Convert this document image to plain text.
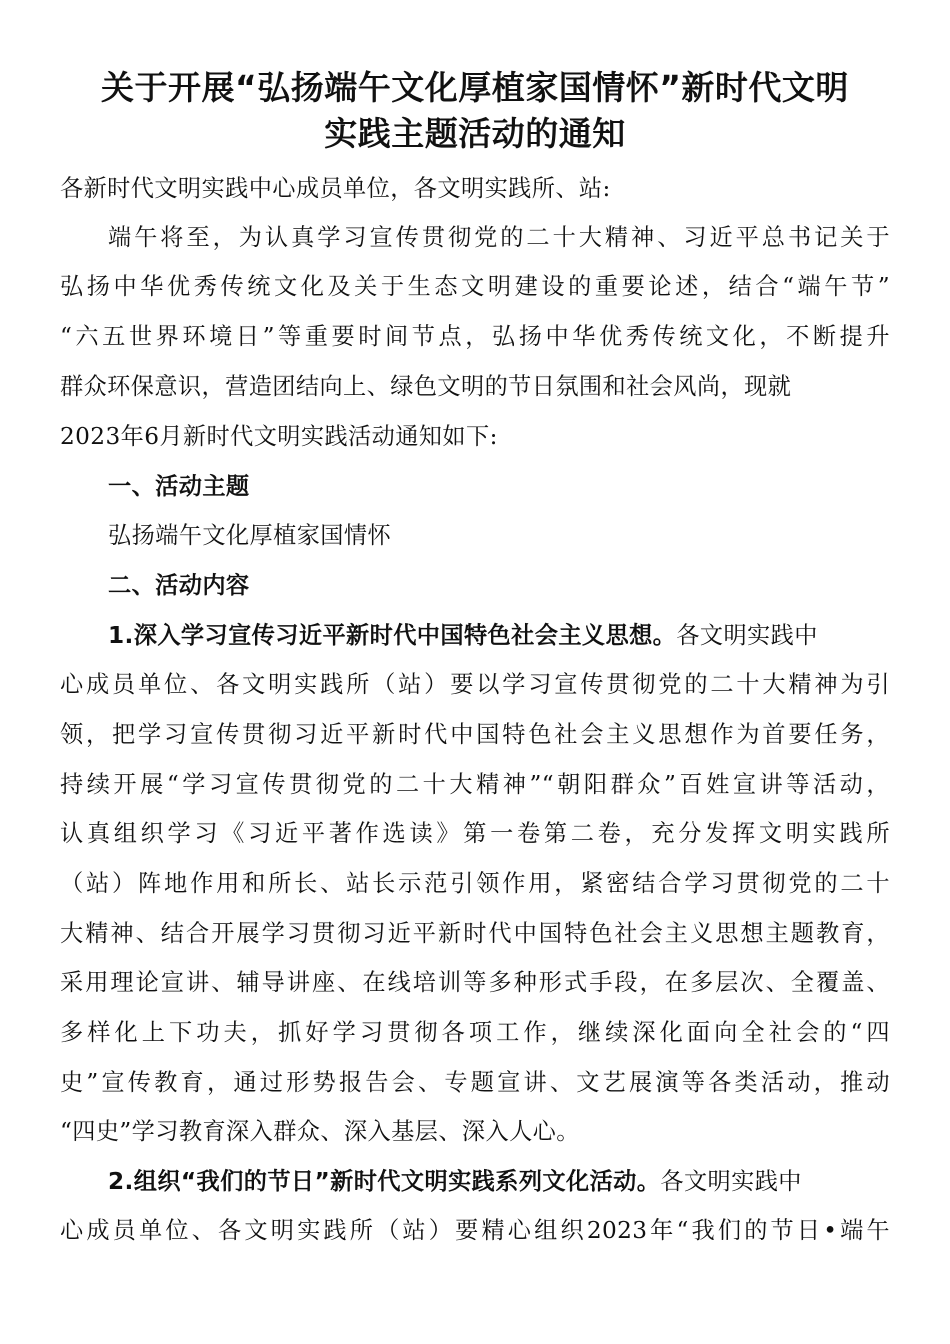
关于开展“弘扬端午文化厚植家国情怀”新时代文明
实践主题活动的通知
各新时代文明实践中心成员单位，各文明实践所、站:
端午将至，为认真学习宣传贯彻党的二十大精神、习近平总书记关于
弘扬中华优秀传统文化及关于生态文明建设的重要论述，结合“端午节”
“六五世界环境日”等重要时间节点，弘扬中华优秀传统文化，不断提升
群众环保意识，营造团结向上、绿色文明的节日氛围和社会风尚，现就
2023年6月新时代文明实践活动通知如下:
一、活动主题
弘扬端午文化厚植家国情怀
二、活动内容
1.深入学习宣传习近平新时代中国特色社会主义思想。各文明实践中
心成员单位、各文明实践所（站）要以学习宣传贯彻党的二十大精神为引
领，把学习宣传贯彻习近平新时代中国特色社会主义思想作为首要任务，
持续开展“学习宣传贯彻党的二十大精神”“朝阳群众”百姓宣讲等活动，
认真组织学习《习近平著作选读》第一卷第二卷，充分发挥文明实践所
（站）阵地作用和所长、站长示范引领作用，紧密结合学习贯彻党的二十
大精神、结合开展学习贯彻习近平新时代中国特色社会主义思想主题教育，
采用理论宣讲、辅导讲座、在线培训等多种形式手段，在多层次、全覆盖、
多样化上下功夫，抓好学习贯彻各项工作，继续深化面向全社会的“四
史”宣传教育，通过形势报告会、专题宣讲、文艺展演等各类活动，推动
“四史”学习教育深入群众、深入基层、深入人心。
2.组织“我们的节日”新时代文明实践系列文化活动。各文明实践中
心成员单位、各文明实践所（站）要精心组织2023年“我们的节日•端午
